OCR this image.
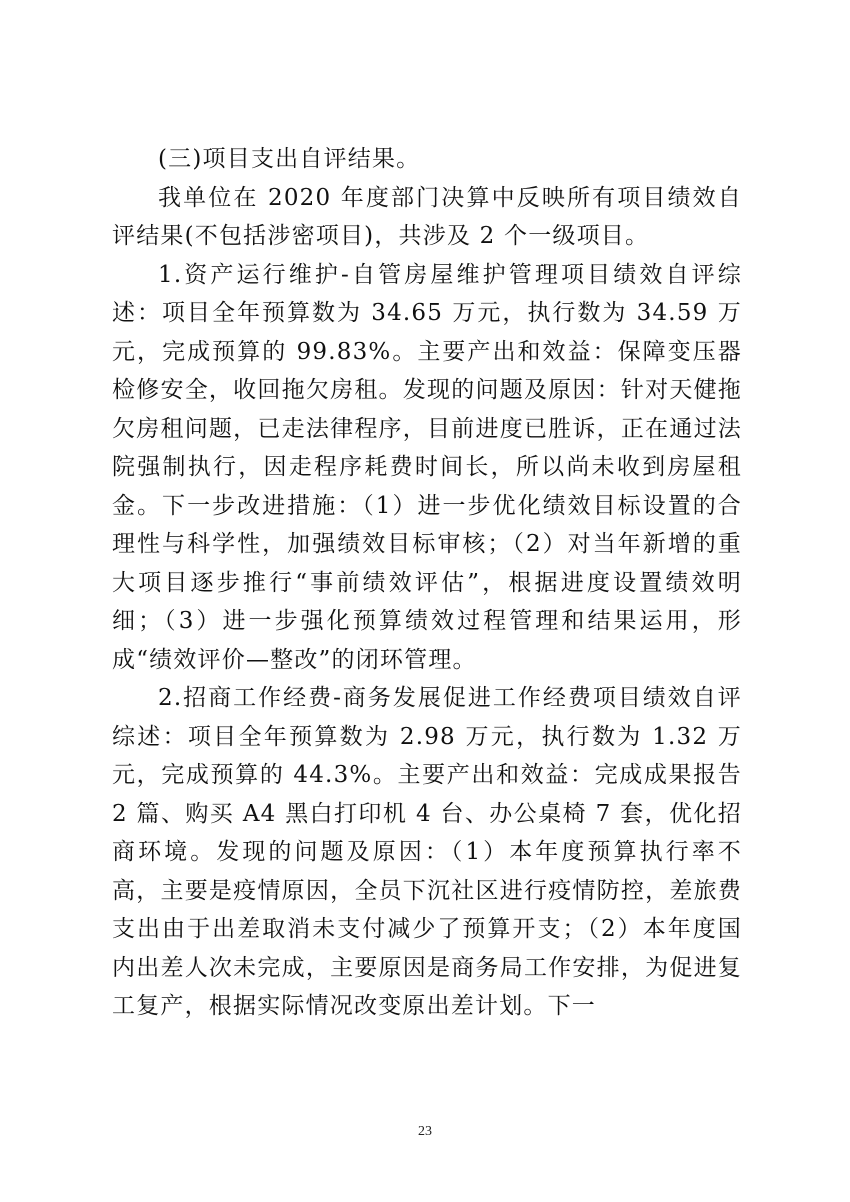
(三)项目支出自评结果。

我单位在 2020 年度部门决算中反映所有项目绩效自评结果(不包括涉密项目)，共涉及 2 个一级项目。

1.资产运行维护-自管房屋维护管理项目绩效自评综述：项目全年预算数为 34.65 万元，执行数为 34.59 万元，完成预算的 99.83%。主要产出和效益：保障变压器检修安全，收回拖欠房租。发现的问题及原因：针对天健拖欠房租问题，已走法律程序，目前进度已胜诉，正在通过法院强制执行，因走程序耗费时间长，所以尚未收到房屋租金。下一步改进措施：（1）进一步优化绩效目标设置的合理性与科学性，加强绩效目标审核；（2）对当年新增的重大项目逐步推行“事前绩效评估”，根据进度设置绩效明细；（3）进一步强化预算绩效过程管理和结果运用，形成“绩效评价—整改”的闭环管理。

2.招商工作经费-商务发展促进工作经费项目绩效自评综述：项目全年预算数为 2.98 万元，执行数为 1.32 万元，完成预算的 44.3%。主要产出和效益：完成成果报告 2 篇、购买 A4 黑白打印机 4 台、办公桌椅 7 套，优化招商环境。发现的问题及原因：（1）本年度预算执行率不高，主要是疫情原因，全员下沉社区进行疫情防控，差旅费支出由于出差取消未支付减少了预算开支；（2）本年度国内出差人次未完成，主要原因是商务局工作安排，为促进复工复产，根据实际情况改变原出差计划。下一

23
